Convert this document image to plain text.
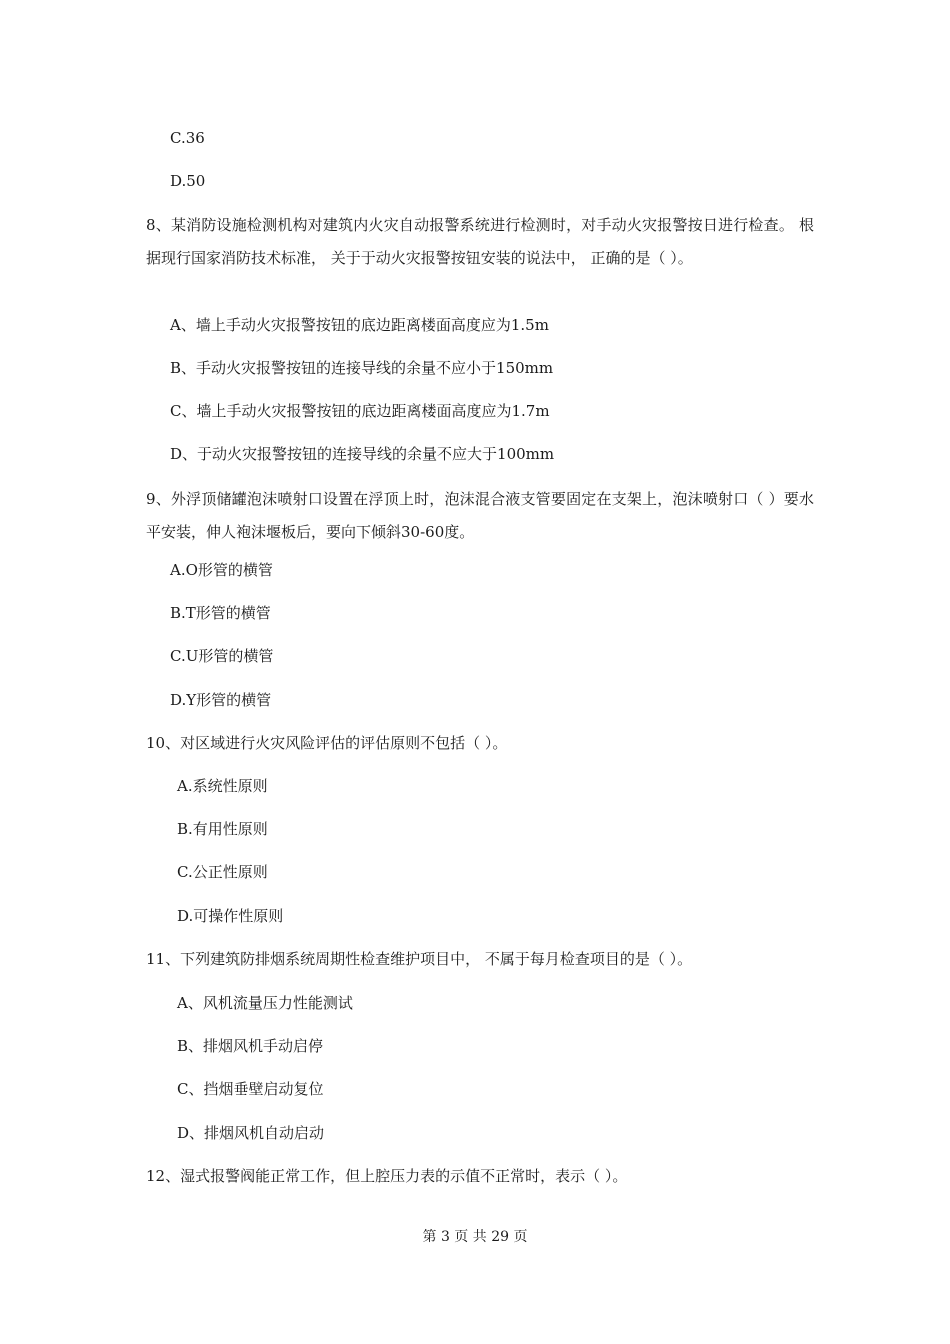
C.36
D.50
8、某消防设施检测机构对建筑内火灾自动报警系统进行检测时，对手动火灾报警按日进行检查。 根据现行国家消防技术标准， 关于于动火灾报警按钮安装的说法中， 正确的是（ ）。
A、墙上手动火灾报警按钮的底边距离楼面高度应为1.5m
B、手动火灾报警按钮的连接导线的余量不应小于150mm
C、墙上手动火灾报警按钮的底边距离楼面高度应为1.7m
D、于动火灾报警按钮的连接导线的余量不应大于100mm
9、外浮顶储罐泡沫喷射口设置在浮顶上时，泡沫混合液支管要固定在支架上，泡沫喷射口（ ）要水平安装，伸人袍沫堰板后，要向下倾斜30-60度。
A.O形管的横管
B.T形管的横管
C.U形管的横管
D.Y形管的横管
10、对区域进行火灾风险评估的评估原则不包括（ ）。
A.系统性原则
B.有用性原则
C.公正性原则
D.可操作性原则
11、下列建筑防排烟系统周期性检查维护项目中， 不属于每月检查项目的是（ ）。
A、风机流量压力性能测试
B、排烟风机手动启停
C、挡烟垂壁启动复位
D、排烟风机自动启动
12、湿式报警阀能正常工作，但上腔压力表的示值不正常时，表示（ ）。
第 3 页 共 29 页
